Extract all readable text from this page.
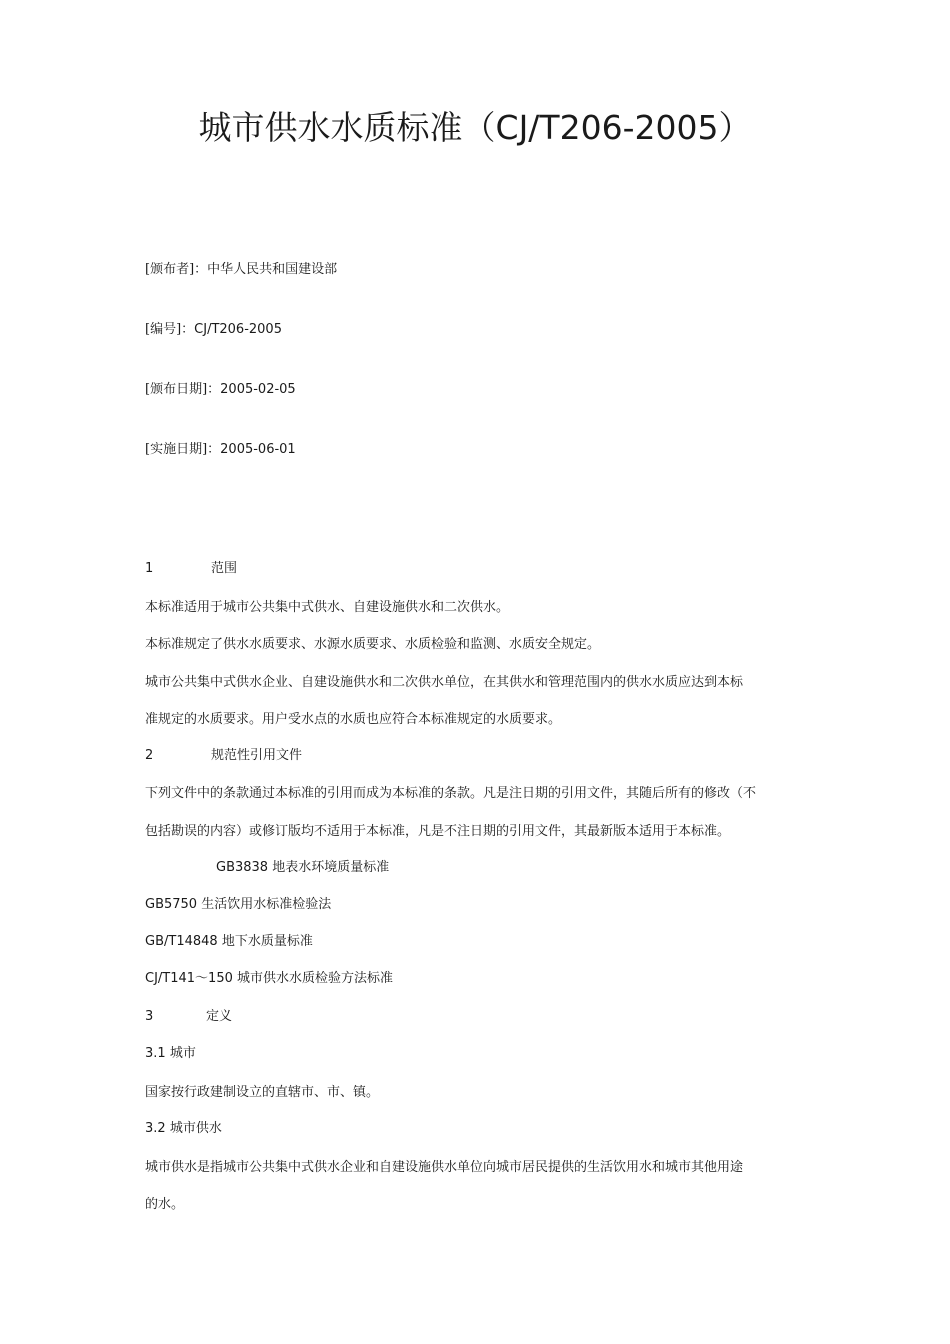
城市供水水质标准（CJ/T206-2005）
[颁布者]：中华人民共和国建设部
[编号]：CJ/T206-2005
[颁布日期]：2005-02-05
[实施日期]：2005-06-01
1	范围
本标准适用于城市公共集中式供水、自建设施供水和二次供水。
本标准规定了供水水质要求、水源水质要求、水质检验和监测、水质安全规定。
城市公共集中式供水企业、自建设施供水和二次供水单位，在其供水和管理范围内的供水水质应达到本标
准规定的水质要求。用户受水点的水质也应符合本标准规定的水质要求。
2	规范性引用文件
下列文件中的条款通过本标准的引用而成为本标准的条款。凡是注日期的引用文件，其随后所有的修改（不
包括勘误的内容）或修订版均不适用于本标准，凡是不注日期的引用文件，其最新版本适用于本标准。
GB3838 地表水环境质量标准
GB5750 生活饮用水标准检验法
GB/T14848 地下水质量标准
CJ/T141～150 城市供水水质检验方法标准
3	定义
3.1 城市
国家按行政建制设立的直辖市、市、镇。
3.2 城市供水
城市供水是指城市公共集中式供水企业和自建设施供水单位向城市居民提供的生活饮用水和城市其他用途
的水。
